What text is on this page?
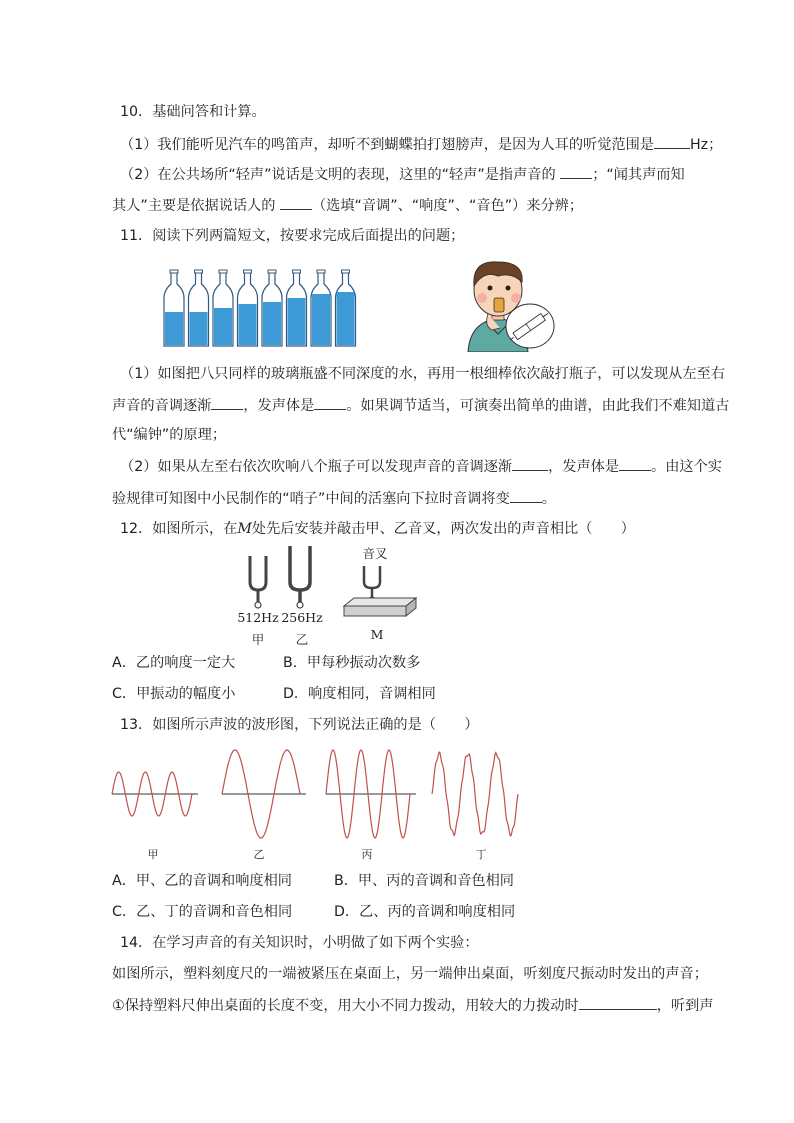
10．基础问答和计算。
（1）我们能听见汽车的鸣笛声，却听不到蝴蝶拍打翅膀声，是因为人耳的听觉范围是	Hz；
（2）在公共场所“轻声”说话是文明的表现，这里的“轻声”是指声音的 ；“闻其声而知
其人”主要是依据说话人的 （选填“音调”、“响度”、“音色”）来分辨；
11．阅读下列两篇短文，按要求完成后面提出的问题；
（1）如图把八只同样的玻璃瓶盛不同深度的水，再用一根细棒依次敲打瓶子，可以发现从左至右
声音的音调逐渐 ，发声体是 。如果调节适当，可演奏出简单的曲谱，由此我们不难知道古
代“编钟”的原理；
（2）如果从左至右依次吹响八个瓶子可以发现声音的音调逐渐	，发声体是 。由这个实
验规律可知图中小民制作的“哨子”中间的活塞向下拉时音调将变 。
12．如图所示，在M处先后安装并敲击甲、乙音叉，两次发出的声音相比（　　）
音叉
512Hz 256Hz
甲	乙	M
A．乙的响度一定大	B．甲每秒振动次数多
C．甲振动的幅度小	D．响度相同，音调相同
13．如图所示声波的波形图，下列说法正确的是（　　）
甲	乙	丙	丁
A．甲、乙的音调和响度相同	B．甲、丙的音调和音色相同
C．乙、丁的音调和音色相同	D．乙、丙的音调和响度相同
14．在学习声音的有关知识时，小明做了如下两个实验：
如图所示，塑料刻度尺的一端被紧压在桌面上，另一端伸出桌面，听刻度尺振动时发出的声音；
①保持塑料尺伸出桌面的长度不变，用大小不同力拨动，用较大的力拨动时	，听到声
